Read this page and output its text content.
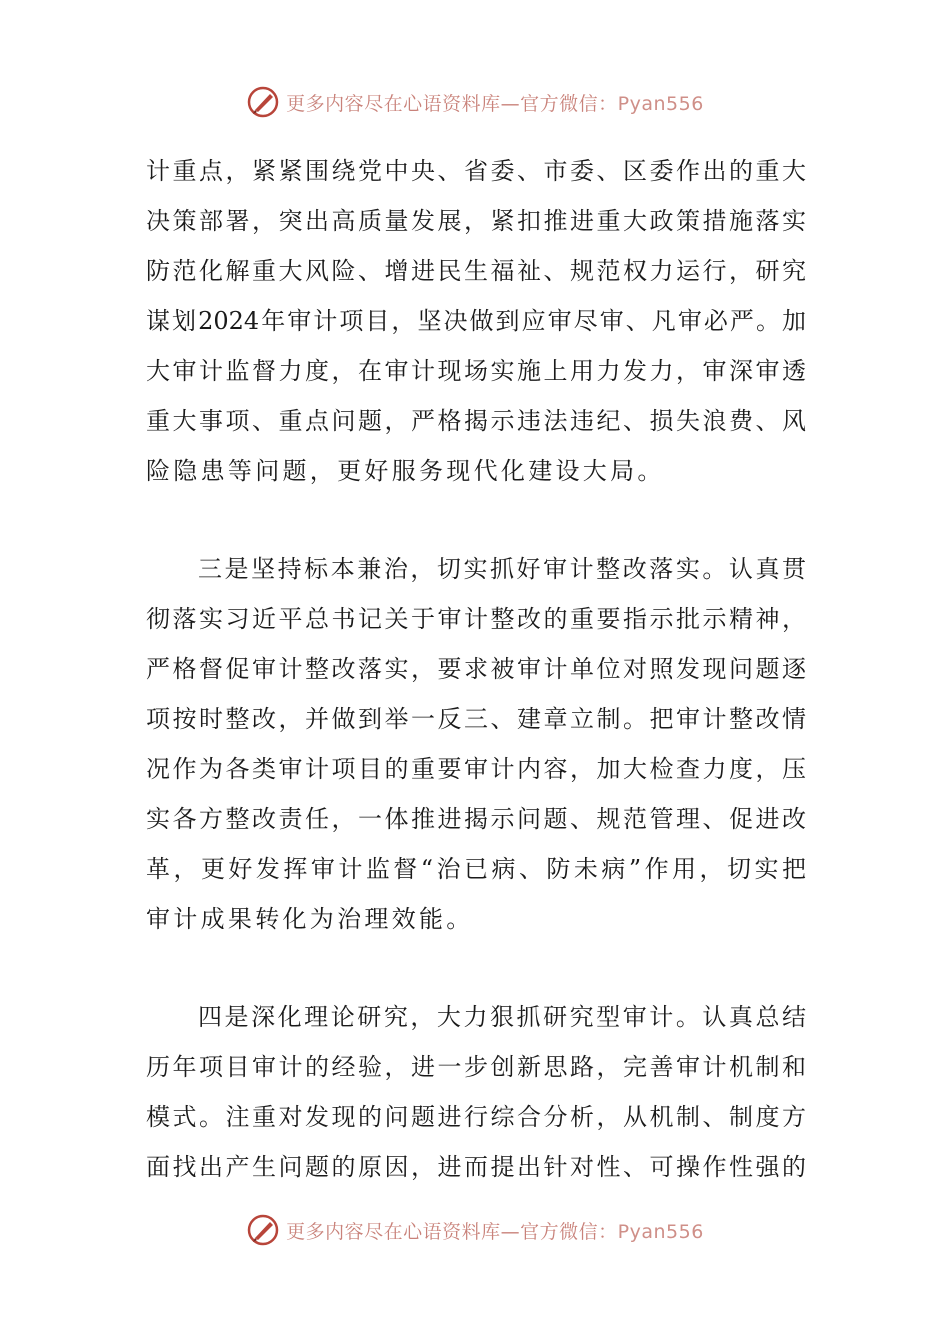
更多内容尽在心语资料库—官方微信：Pyan556
计重点，紧紧围绕党中央、省委、市委、区委作出的重大
决策部署，突出高质量发展，紧扣推进重大政策措施落实
防范化解重大风险、增进民生福祉、规范权力运行，研究
谋划2024年审计项目，坚决做到应审尽审、凡审必严。加
大审计监督力度，在审计现场实施上用力发力，审深审透
重大事项、重点问题，严格揭示违法违纪、损失浪费、风
险隐患等问题，更好服务现代化建设大局。
三是坚持标本兼治，切实抓好审计整改落实。认真贯
彻落实习近平总书记关于审计整改的重要指示批示精神，
严格督促审计整改落实，要求被审计单位对照发现问题逐
项按时整改，并做到举一反三、建章立制。把审计整改情
况作为各类审计项目的重要审计内容，加大检查力度，压
实各方整改责任，一体推进揭示问题、规范管理、促进改
革，更好发挥审计监督“治已病、防未病”作用，切实把
审计成果转化为治理效能。
四是深化理论研究，大力狠抓研究型审计。认真总结
历年项目审计的经验，进一步创新思路，完善审计机制和
模式。注重对发现的问题进行综合分析，从机制、制度方
面找出产生问题的原因，进而提出针对性、可操作性强的
更多内容尽在心语资料库—官方微信：Pyan556
